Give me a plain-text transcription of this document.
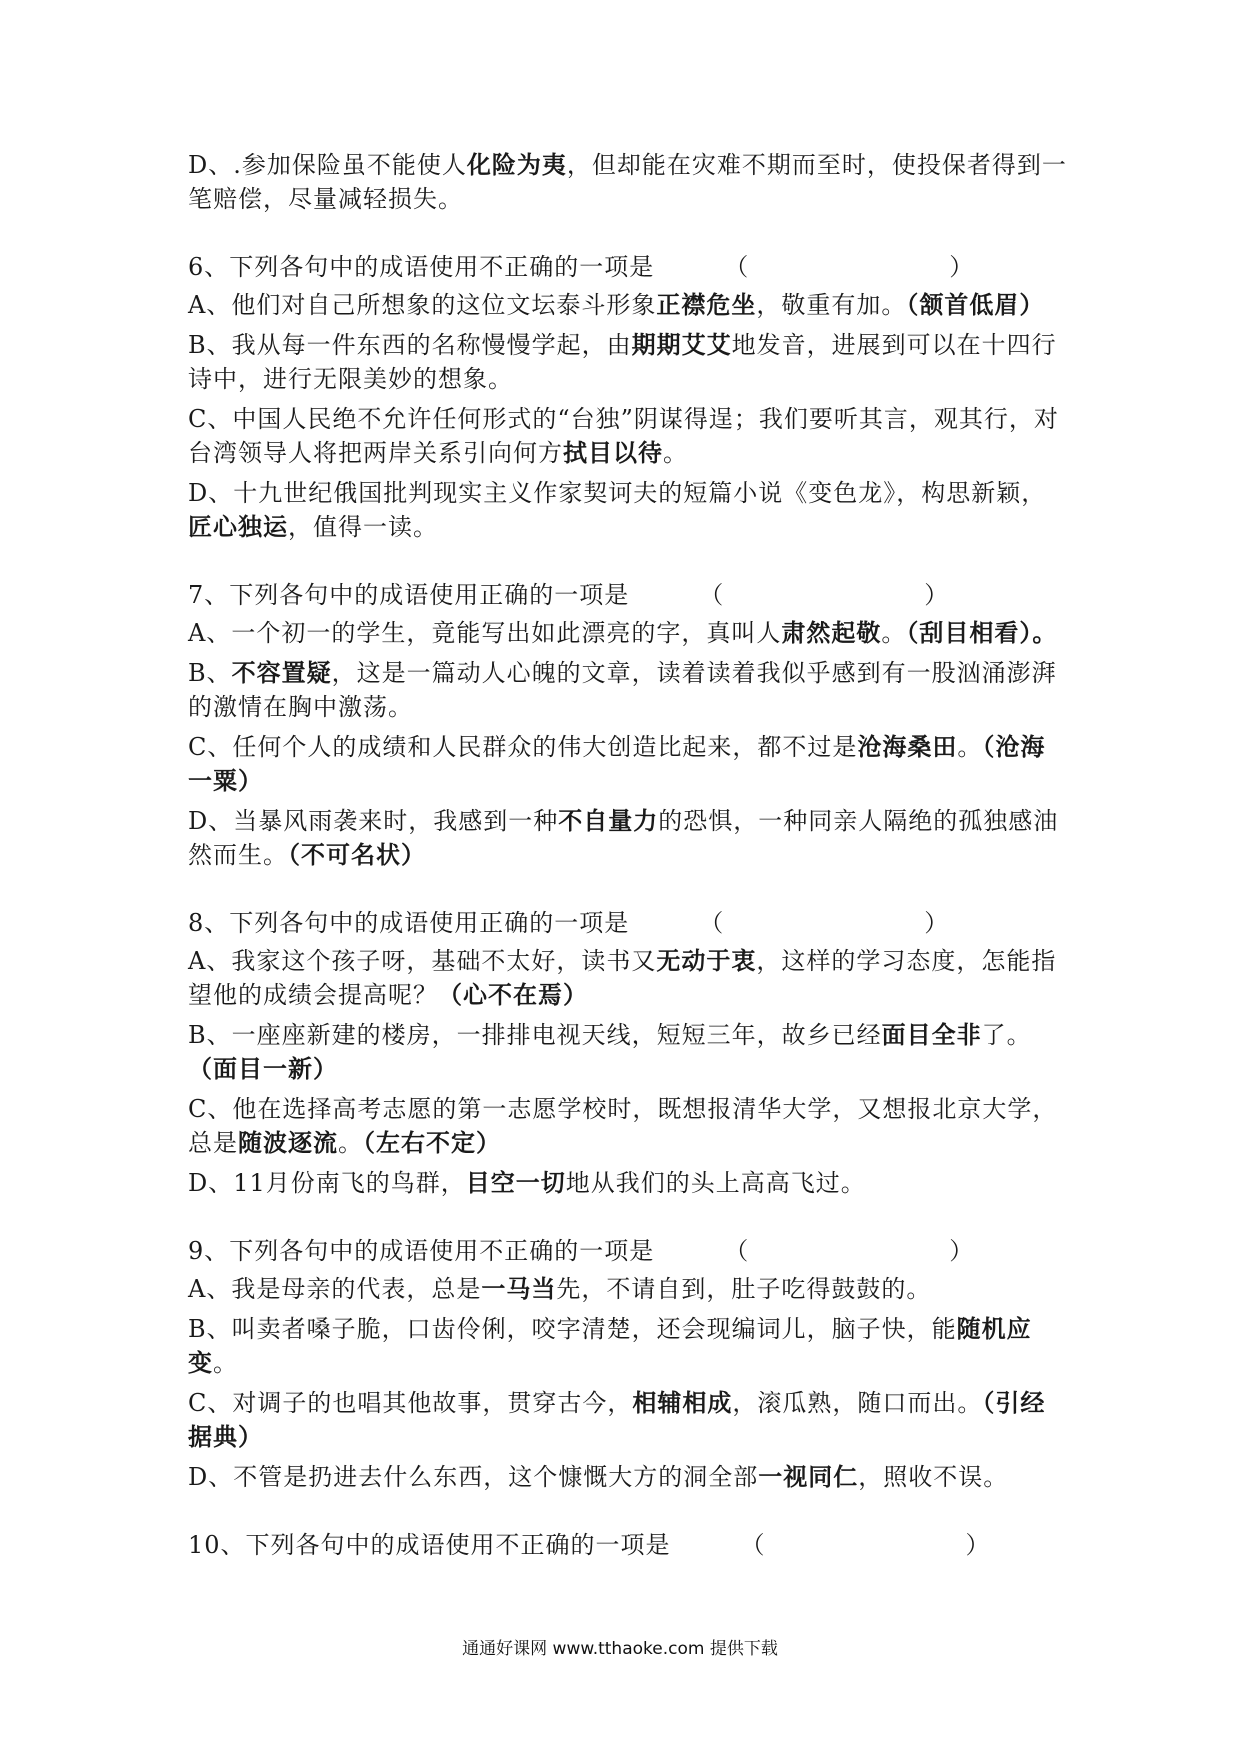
D、.参加保险虽不能使人化险为夷，但却能在灾难不期而至时，使投保者得到一笔赔偿，尽量减轻损失。

6、下列各句中的成语使用不正确的一项是	（	）

A、他们对自己所想象的这位文坛泰斗形象正襟危坐，敬重有加。（颔首低眉）

B、我从每一件东西的名称慢慢学起，由期期艾艾地发音，进展到可以在十四行诗中，进行无限美妙的想象。

C、中国人民绝不允许任何形式的“台独”阴谋得逞；我们要听其言，观其行，对台湾领导人将把两岸关系引向何方拭目以待。

D、十九世纪俄国批判现实主义作家契诃夫的短篇小说《变色龙》，构思新颖，匠心独运，值得一读。

7、下列各句中的成语使用正确的一项是	（	）

A、一个初一的学生，竟能写出如此漂亮的字，真叫人肃然起敬。（刮目相看）。

B、不容置疑，这是一篇动人心魄的文章，读着读着我似乎感到有一股汹涌澎湃的激情在胸中激荡。

C、任何个人的成绩和人民群众的伟大创造比起来，都不过是沧海桑田。（沧海一粟）

D、当暴风雨袭来时，我感到一种不自量力的恐惧，一种同亲人隔绝的孤独感油然而生。（不可名状）

8、下列各句中的成语使用正确的一项是	（	）

A、我家这个孩子呀，基础不太好，读书又无动于衷，这样的学习态度，怎能指望他的成绩会提高呢？（心不在焉）

B、一座座新建的楼房，一排排电视天线，短短三年，故乡已经面目全非了。（面目一新）

C、他在选择高考志愿的第一志愿学校时，既想报清华大学，又想报北京大学，总是随波逐流。（左右不定）

D、11月份南飞的鸟群，目空一切地从我们的头上高高飞过。

9、下列各句中的成语使用不正确的一项是	（	）

A、我是母亲的代表，总是一马当先，不请自到，肚子吃得鼓鼓的。

B、叫卖者嗓子脆，口齿伶俐，咬字清楚，还会现编词儿，脑子快，能随机应变。

C、对调子的也唱其他故事，贯穿古今，相辅相成，滚瓜熟，随口而出。（引经据典）

D、不管是扔进去什么东西，这个慷慨大方的洞全部一视同仁，照收不误。

10、下列各句中的成语使用不正确的一项是	（	）

通通好课网 www.tthaoke.com 提供下载
